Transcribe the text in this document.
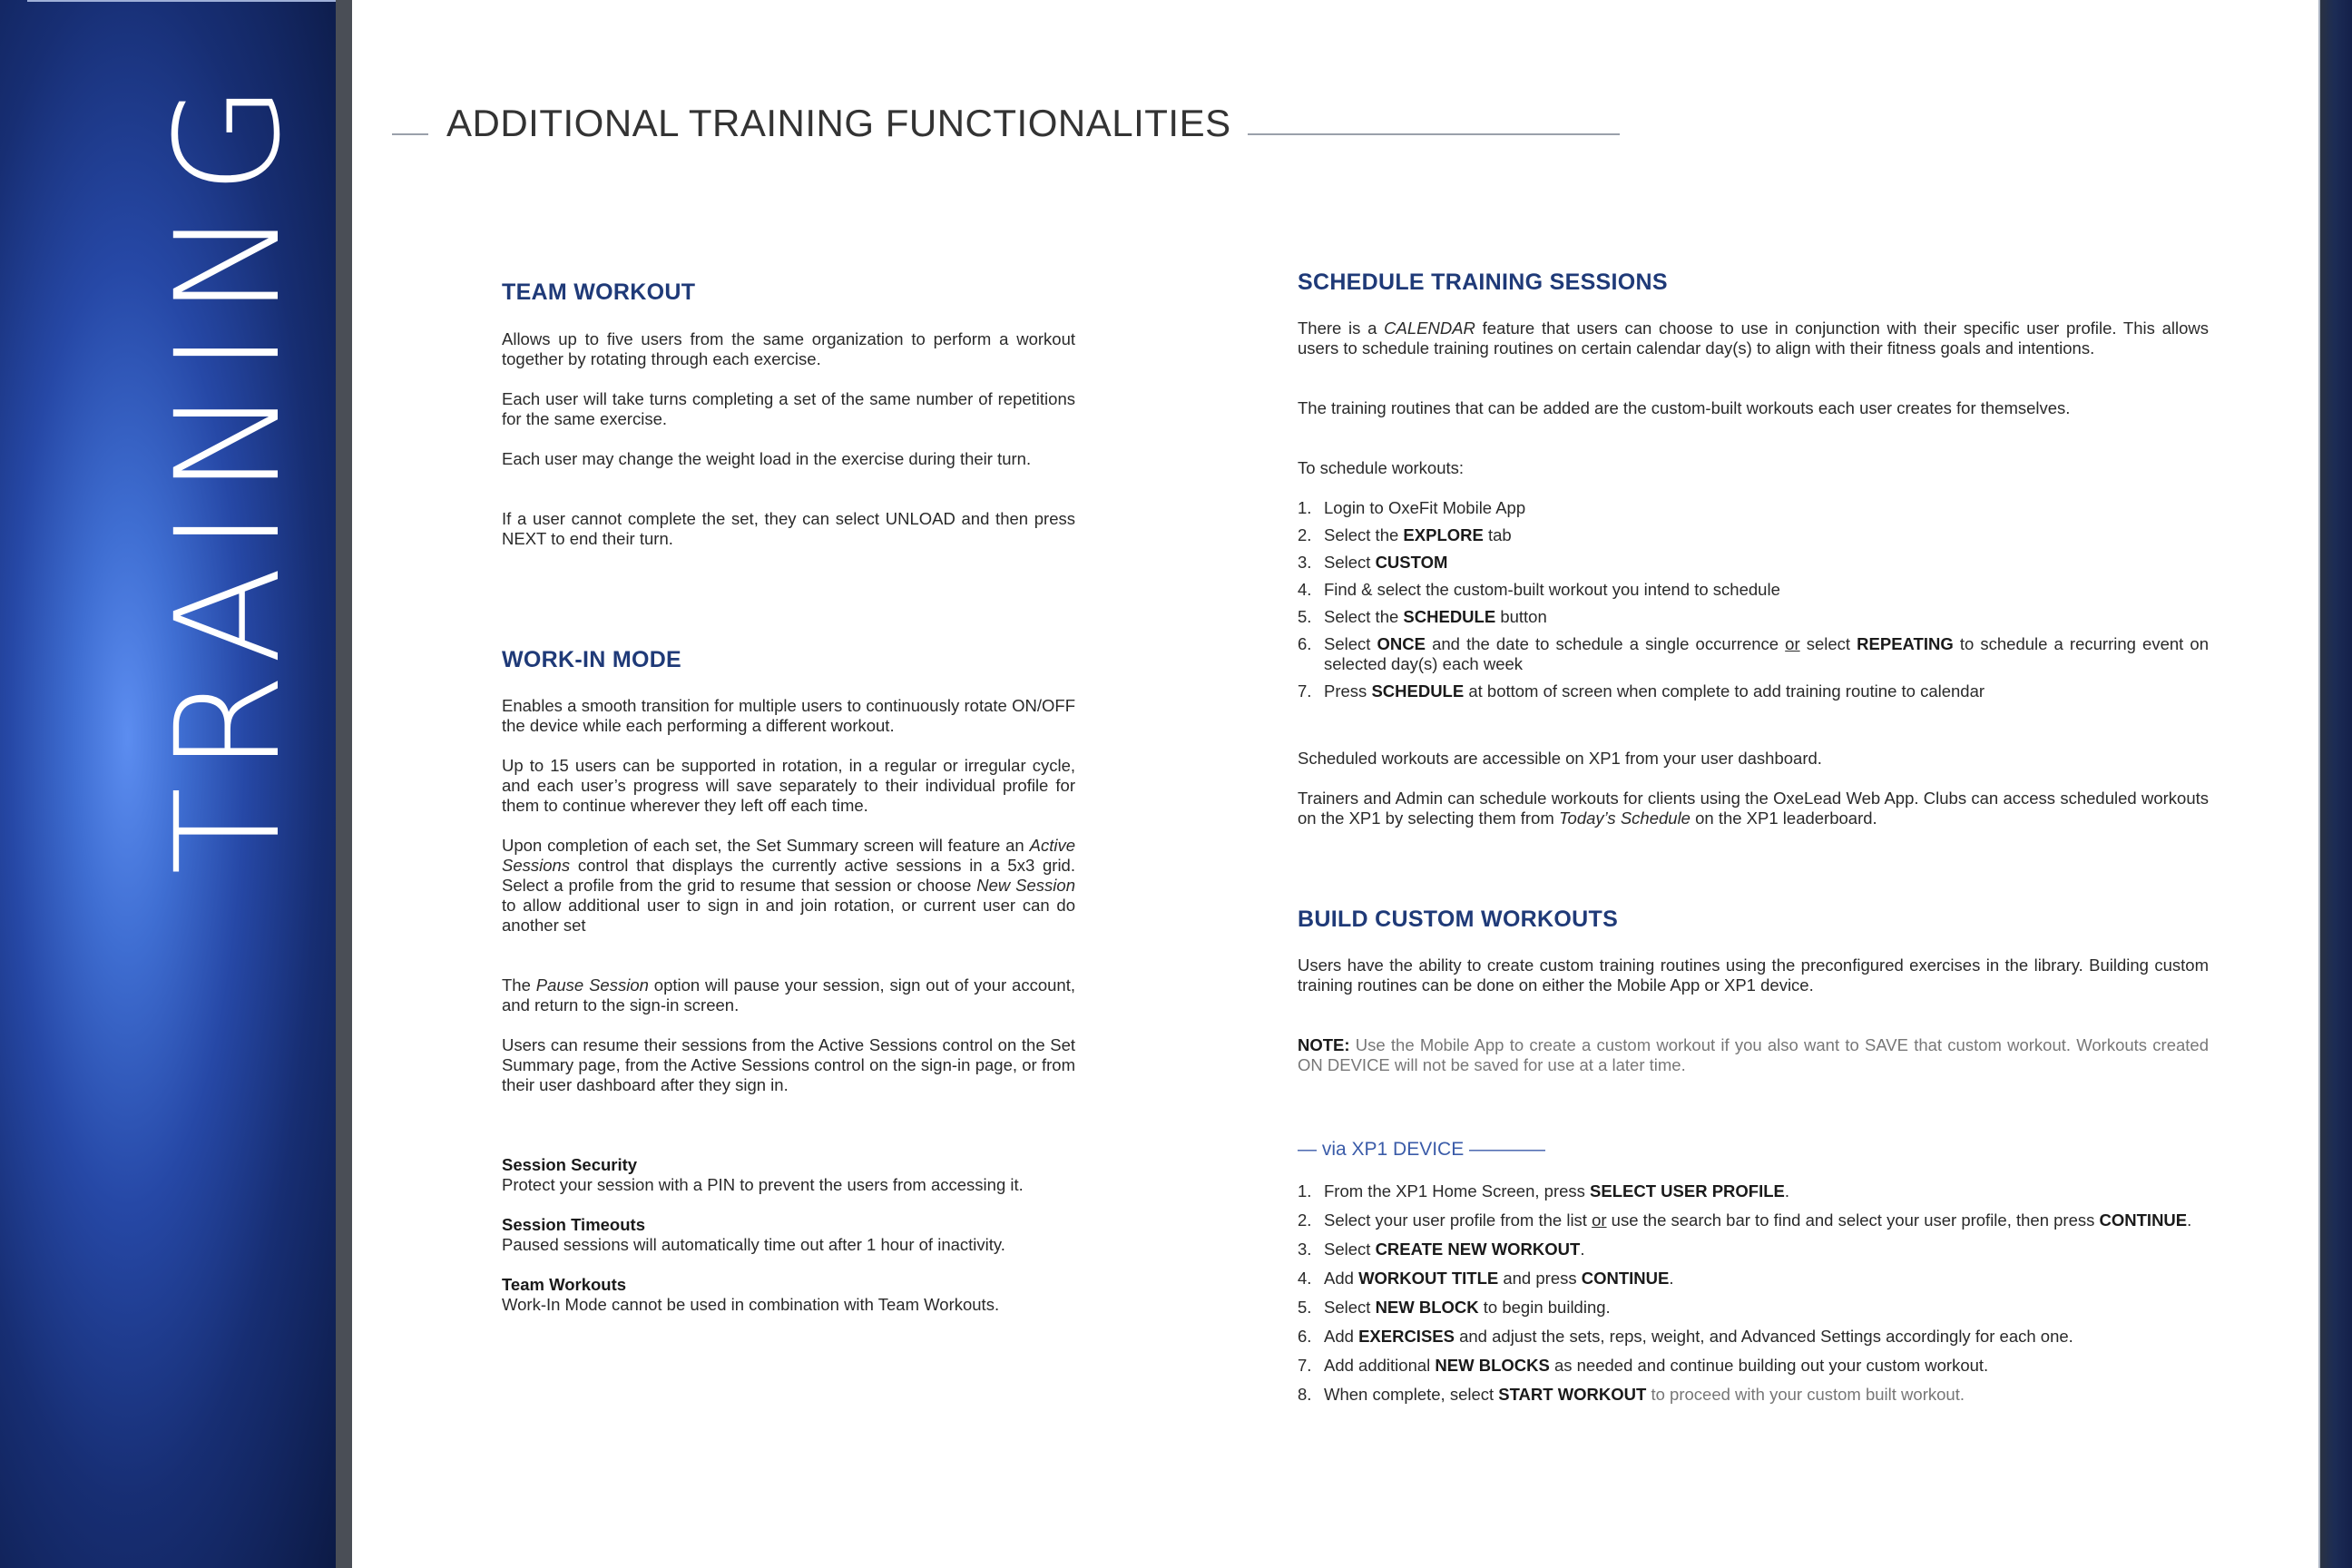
TRAINING	ADDITIONAL TRAINING FUNCTIONALITIES
TEAM WORKOUT

Allows up to five users from the same organization to perform a workout together by rotating through each exercise.

Each user will take turns completing a set of the same number of repetitions for the same exercise.

Each user may change the weight load in the exercise during their turn.

If a user cannot complete the set, they can select UNLOAD and then press NEXT to end their turn.

WORK-IN MODE

Enables a smooth transition for multiple users to continuously rotate ON/OFF the device while each performing a different workout.

Up to 15 users can be supported in rotation, in a regular or irregular cycle, and each user’s progress will save separately to their individual profile for them to continue wherever they left off each time.

Upon completion of each set, the Set Summary screen will feature an Active Sessions control that displays the currently active sessions in a 5x3 grid. Select a profile from the grid to resume that session or choose New Session to allow additional user to sign in and join rotation, or current user can do another set

The Pause Session option will pause your session, sign out of your account, and return to the sign-in screen.

Users can resume their sessions from the Active Sessions control on the Set Summary page, from the Active Sessions control on the sign-in page, or from their user dashboard after they sign in.

Session Security
Protect your session with a PIN to prevent the users from accessing it.
Session Timeouts
Paused sessions will automatically time out after 1 hour of inactivity.
Team Workouts
Work-In Mode cannot be used in combination with Team Workouts.
SCHEDULE TRAINING SESSIONS

There is a CALENDAR feature that users can choose to use in conjunction with their specific user profile. This allows users to schedule training routines on certain calendar day(s) to align with their fitness goals and intentions.

The training routines that can be added are the custom-built workouts each user creates for themselves.

To schedule workouts:

1. Login to OxeFit Mobile App
2. Select the EXPLORE tab
3. Select CUSTOM
4. Find & select the custom-built workout you intend to schedule
5. Select the SCHEDULE button
6. Select ONCE and the date to schedule a single occurrence or select REPEATING to schedule a recurring event on selected day(s) each week
7. Press SCHEDULE at bottom of screen when complete to add training routine to calendar

Scheduled workouts are accessible on XP1 from your user dashboard.

Trainers and Admin can schedule workouts for clients using the OxeLead Web App. Clubs can access scheduled workouts on the XP1 by selecting them from Today’s Schedule on the XP1 leaderboard.

BUILD CUSTOM WORKOUTS

Users have the ability to create custom training routines using the preconfigured exercises in the library. Building custom training routines can be done on either the Mobile App or XP1 device.

NOTE: Use the Mobile App to create a custom workout if you also want to SAVE that custom workout. Workouts created ON DEVICE will not be saved for use at a later time.

— via XP1 DEVICE ————
1. From the XP1 Home Screen, press SELECT USER PROFILE.
2. Select your user profile from the list or use the search bar to find and select your user profile, then press CONTINUE.
3. Select CREATE NEW WORKOUT.
4. Add WORKOUT TITLE and press CONTINUE.
5. Select NEW BLOCK to begin building.
6. Add EXERCISES and adjust the sets, reps, weight, and Advanced Settings accordingly for each one.
7. Add additional NEW BLOCKS as needed and continue building out your custom workout.
8. When complete, select START WORKOUT to proceed with your custom built workout.
